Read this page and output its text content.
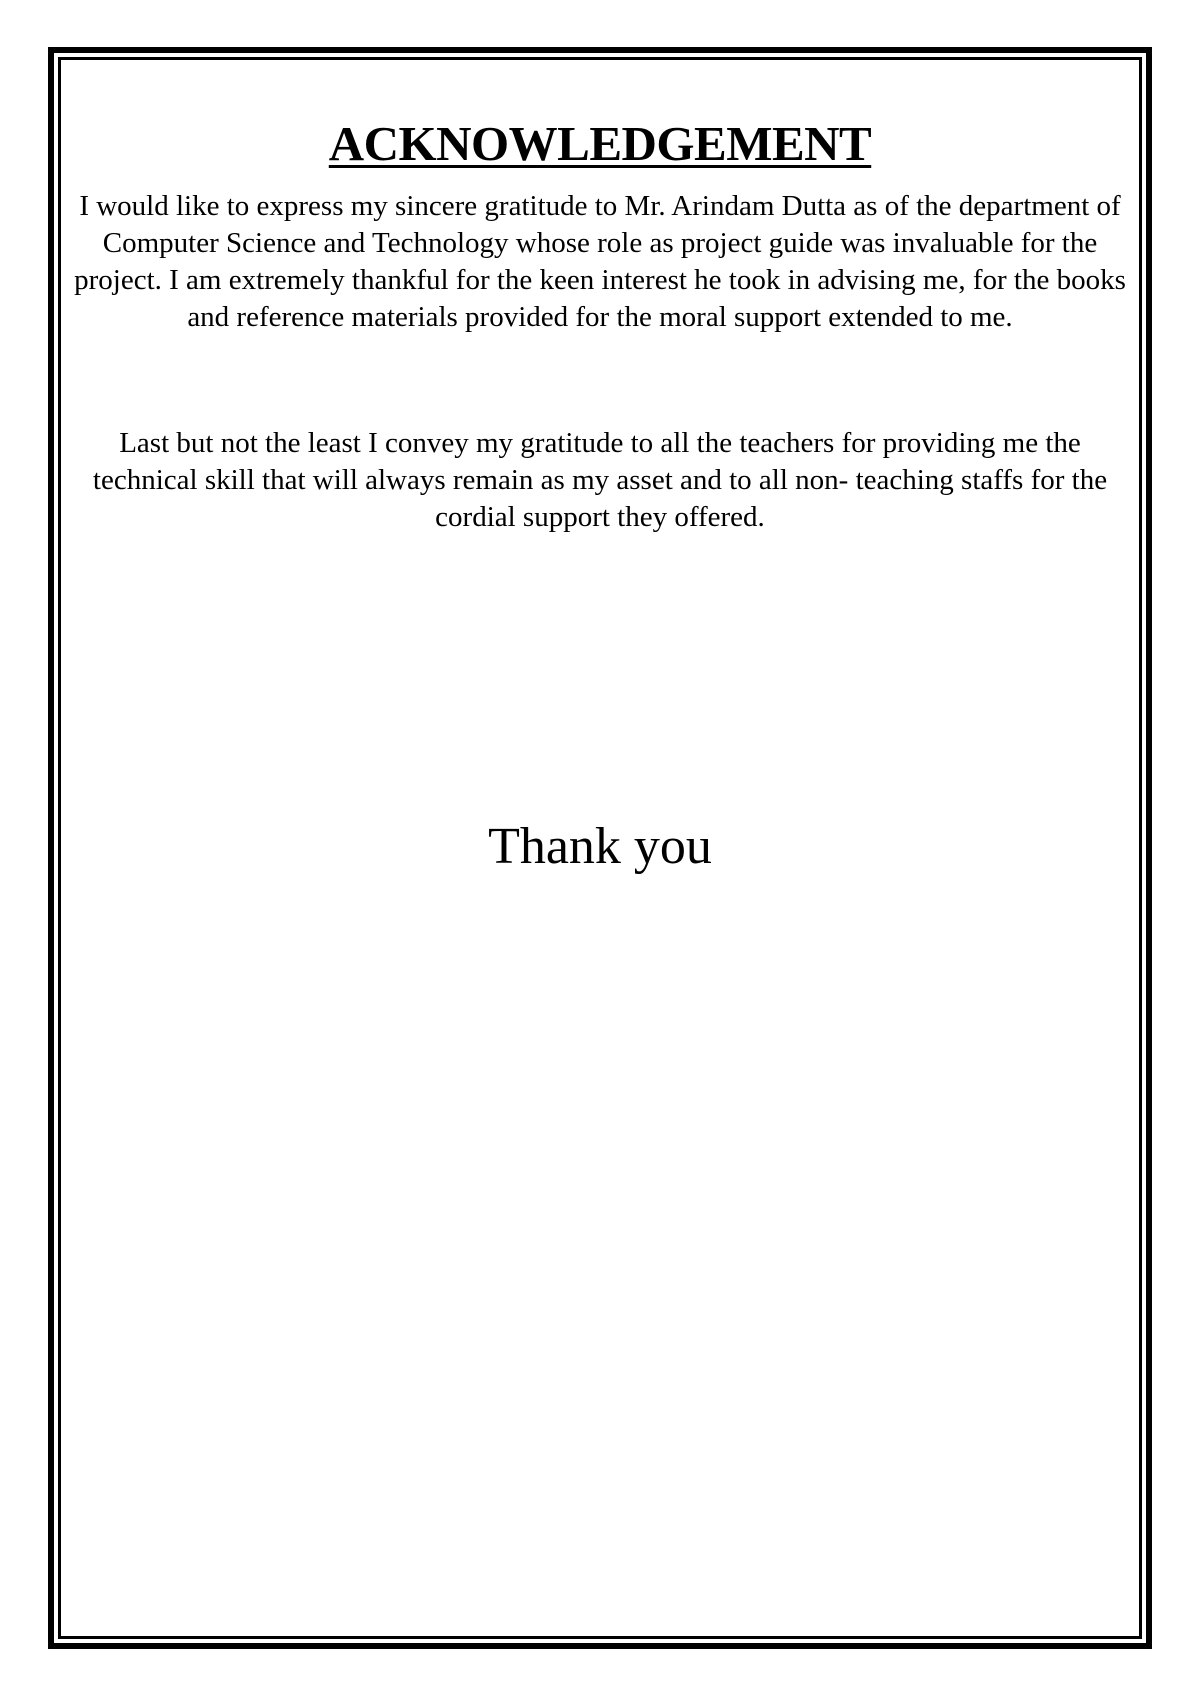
ACKNOWLEDGEMENT

I would like to express my sincere gratitude to Mr. Arindam Dutta as of the department of Computer Science and Technology whose role as project guide was invaluable for the project. I am extremely thankful for the keen interest he took in advising me, for the books and reference materials provided for the moral support extended to me.

Last but not the least I convey my gratitude to all the teachers for providing me the technical skill that will always remain as my asset and to all non- teaching staffs for the cordial support they offered.

Thank you
